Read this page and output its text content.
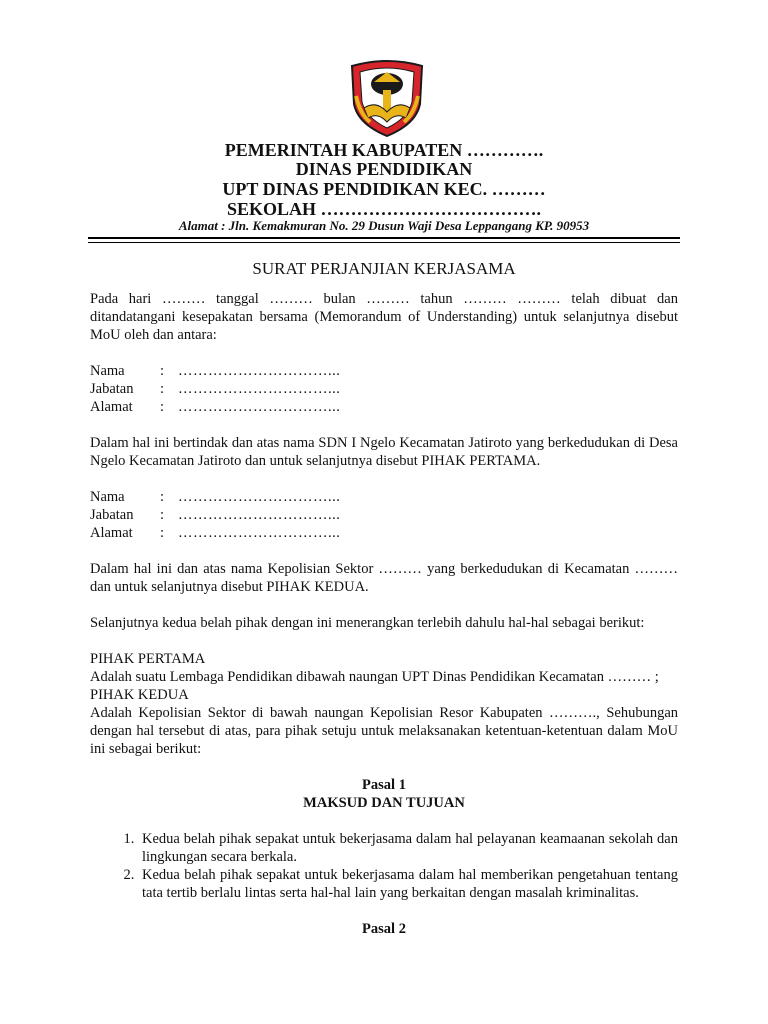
PEMERINTAH KABUPATEN ………….
DINAS PENDIDIKAN
UPT DINAS PENDIDIKAN KEC. ………
SEKOLAH ……………………………….
Alamat : Jln. Kemakmuran No. 29 Dusun Waji Desa Leppangang KP. 90953
SURAT PERJANJIAN KERJASAMA

Pada hari ……… tanggal ……… bulan ……… tahun ……… ……… telah dibuat dan ditandatangani kesepakatan bersama (Memorandum of Understanding) untuk selanjutnya disebut MoU oleh dan antara:

Nama	: …………………………...
Jabatan	: …………………………...
Alamat	: …………………………...

Dalam hal ini bertindak dan atas nama SDN I Ngelo Kecamatan Jatiroto yang berkedudukan di Desa Ngelo Kecamatan Jatiroto dan untuk selanjutnya disebut PIHAK PERTAMA.

Nama	: …………………………...
Jabatan	: …………………………...
Alamat	: …………………………...

Dalam hal ini dan atas nama Kepolisian Sektor ……… yang berkedudukan di Kecamatan ……… dan untuk selanjutnya disebut PIHAK KEDUA.

Selanjutnya kedua belah pihak dengan ini menerangkan terlebih dahulu hal-hal sebagai berikut:

PIHAK PERTAMA

Adalah suatu Lembaga Pendidikan dibawah naungan UPT Dinas Pendidikan Kecamatan ……… ;

PIHAK KEDUA

Adalah Kepolisian Sektor di bawah naungan Kepolisian Resor Kabupaten ………., Sehubungan dengan hal tersebut di atas, para pihak setuju untuk melaksanakan ketentuan-ketentuan dalam MoU ini sebagai berikut:

Pasal 1
MAKSUD DAN TUJUAN
1. Kedua belah pihak sepakat untuk bekerjasama dalam hal pelayanan keamaanan sekolah dan lingkungan secara berkala.
2. Kedua belah pihak sepakat untuk bekerjasama dalam hal memberikan pengetahuan tentang tata tertib berlalu lintas serta hal-hal lain yang berkaitan dengan masalah kriminalitas.
Pasal 2
